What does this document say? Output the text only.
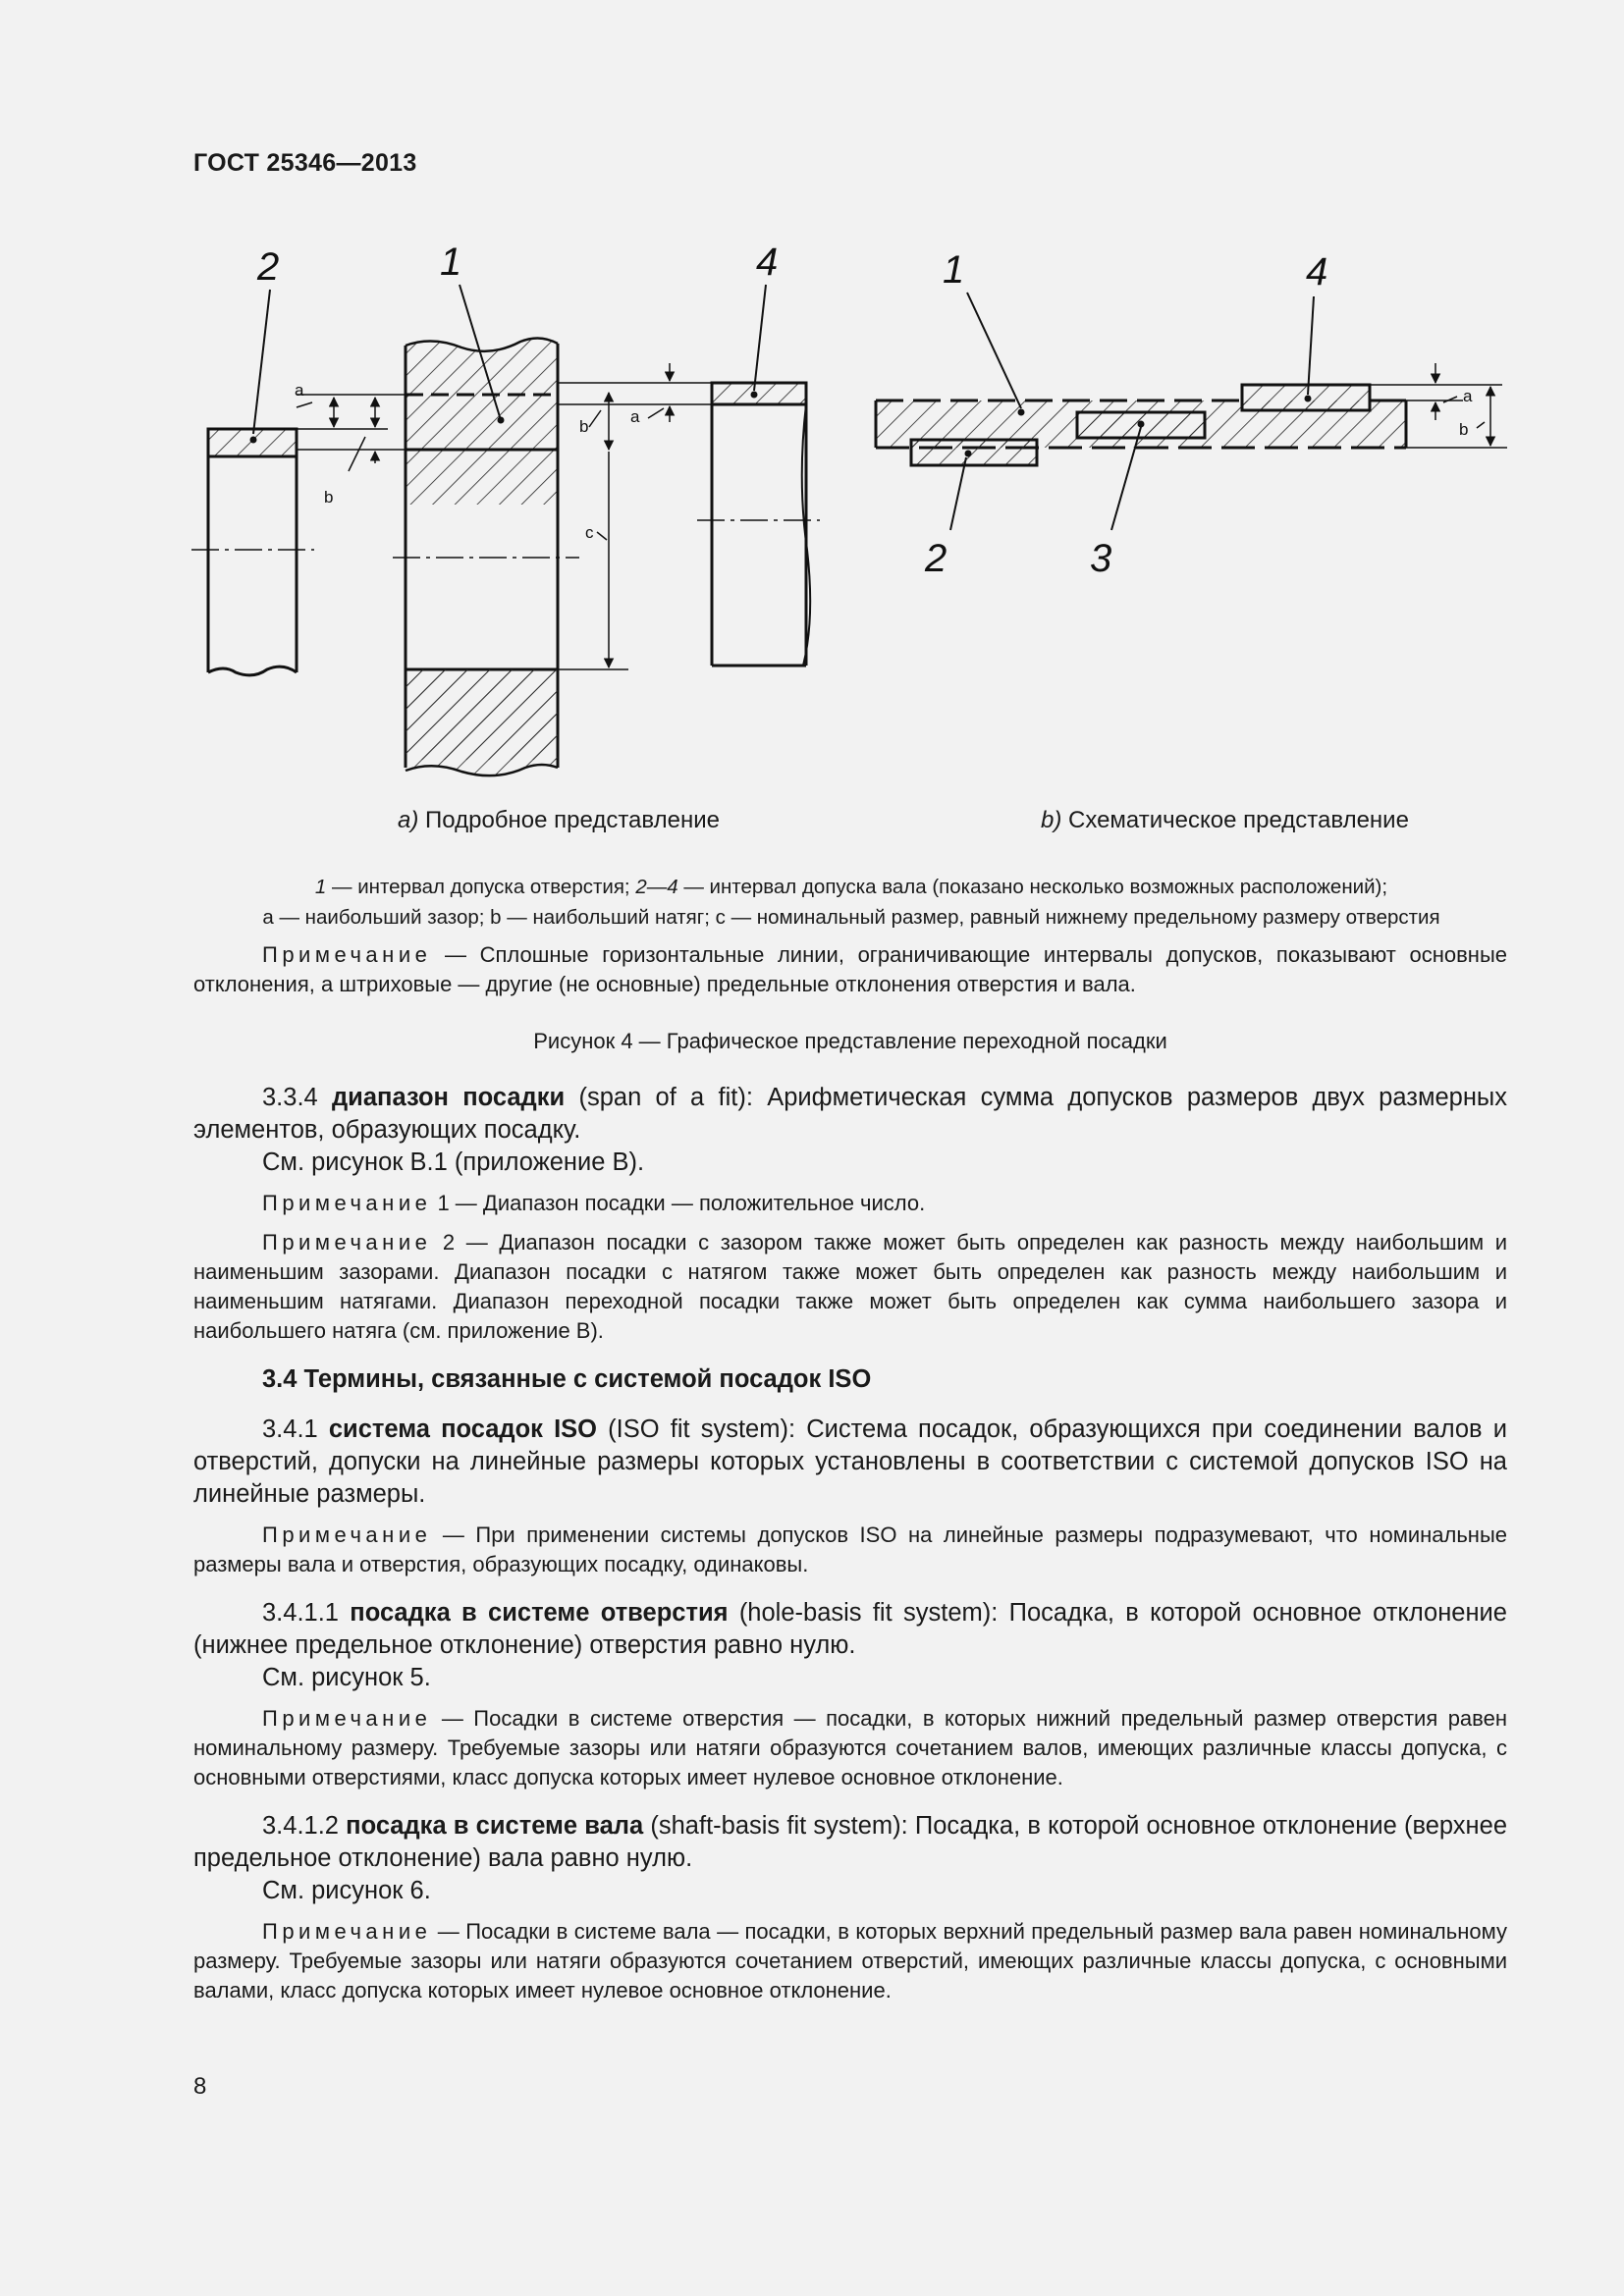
ГОСТ 25346—2013
2	1	4	1	4
2	3
a
b
b
a
c
a
b
a) Подробное представление	b) Схематическое представление
1 — интервал допуска отверстия; 2—4 — интервал допуска вала (показано несколько возможных расположений);
a — наибольший зазор; b — наибольший натяг; c — номинальный размер, равный нижнему предельному размеру отверстия

Примечание — Сплошные горизонтальные линии, ограничивающие интервалы допусков, показывают основные отклонения, а штриховые — другие (не основные) предельные отклонения отверстия и вала.

Рисунок 4 — Графическое представление переходной посадки

3.3.4 диапазон посадки (span of a fit): Арифметическая сумма допусков размеров двух размерных элементов, образующих посадку.

См. рисунок В.1 (приложение В).

Примечание 1 — Диапазон посадки — положительное число.

Примечание 2 — Диапазон посадки с зазором также может быть определен как разность между наибольшим и наименьшим зазорами. Диапазон посадки с натягом также может быть определен как разность между наибольшим и наименьшим натягами. Диапазон переходной посадки также может быть определен как сумма наибольшего зазора и наибольшего натяга (см. приложение В).

3.4 Термины, связанные с системой посадок ISO

3.4.1 система посадок ISO (ISO fit system): Система посадок, образующихся при соединении валов и отверстий, допуски на линейные размеры которых установлены в соответствии с системой допусков ISO на линейные размеры.

Примечание — При применении системы допусков ISO на линейные размеры подразумевают, что номинальные размеры вала и отверстия, образующих посадку, одинаковы.

3.4.1.1 посадка в системе отверстия (hole-basis fit system): Посадка, в которой основное отклонение (нижнее предельное отклонение) отверстия равно нулю.

См. рисунок 5.

Примечание — Посадки в системе отверстия — посадки, в которых нижний предельный размер отверстия равен номинальному размеру. Требуемые зазоры или натяги образуются сочетанием валов, имеющих различные классы допуска, с основными отверстиями, класс допуска которых имеет нулевое основное отклонение.

3.4.1.2 посадка в системе вала (shaft-basis fit system): Посадка, в которой основное отклонение (верхнее предельное отклонение) вала равно нулю.

См. рисунок 6.

Примечание — Посадки в системе вала — посадки, в которых верхний предельный размер вала равен номинальному размеру. Требуемые зазоры или натяги образуются сочетанием отверстий, имеющих различные классы допуска, с основными валами, класс допуска которых имеет нулевое основное отклонение.

8
